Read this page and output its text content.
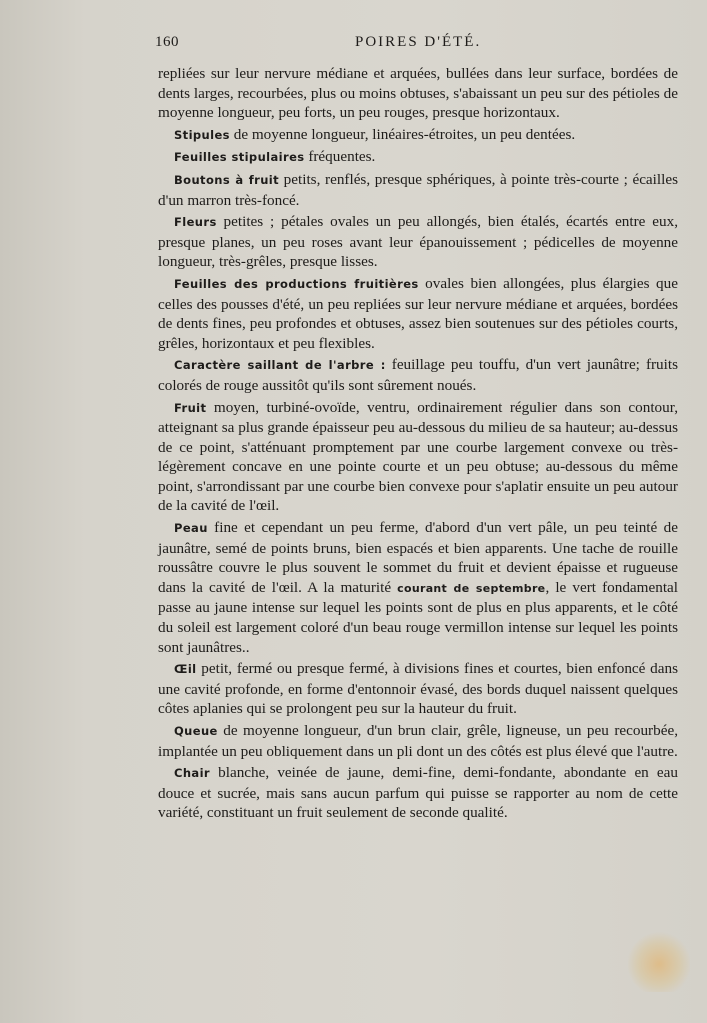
160	POIRES D'ÉTÉ.

repliées sur leur nervure médiane et arquées, bullées dans leur surface, bordées de dents larges, recourbées, plus ou moins obtuses, s'abaissant un peu sur des pétioles de moyenne longueur, peu forts, un peu rouges, presque horizontaux.

Stipules de moyenne longueur, linéaires-étroites, un peu dentées.

Feuilles stipulaires fréquentes.

Boutons à fruit petits, renflés, presque sphériques, à pointe très-courte ; écailles d'un marron très-foncé.

Fleurs petites ; pétales ovales un peu allongés, bien étalés, écartés entre eux, presque planes, un peu roses avant leur épanouissement ; pédicelles de moyenne longueur, très-grêles, presque lisses.

Feuilles des productions fruitières ovales bien allongées, plus élargies que celles des pousses d'été, un peu repliées sur leur nervure médiane et arquées, bordées de dents fines, peu profondes et obtuses, assez bien soutenues sur des pétioles courts, grêles, horizontaux et peu flexibles.

Caractère saillant de l'arbre : feuillage peu touffu, d'un vert jaunâtre; fruits colorés de rouge aussitôt qu'ils sont sûrement noués.

Fruit moyen, turbiné-ovoïde, ventru, ordinairement régulier dans son contour, atteignant sa plus grande épaisseur peu au-dessous du milieu de sa hauteur; au-dessus de ce point, s'atténuant promptement par une courbe largement convexe ou très-légèrement concave en une pointe courte et un peu obtuse; au-dessous du même point, s'arrondissant par une courbe bien convexe pour s'aplatir ensuite un peu autour de la cavité de l'œil.

Peau fine et cependant un peu ferme, d'abord d'un vert pâle, un peu teinté de jaunâtre, semé de points bruns, bien espacés et bien apparents. Une tache de rouille roussâtre couvre le plus souvent le sommet du fruit et devient épaisse et rugueuse dans la cavité de l'œil. A la maturité courant de septembre, le vert fondamental passe au jaune intense sur lequel les points sont de plus en plus apparents, et le côté du soleil est largement coloré d'un beau rouge vermillon intense sur lequel les points sont jaunâtres..

Œil petit, fermé ou presque fermé, à divisions fines et courtes, bien enfoncé dans une cavité profonde, en forme d'entonnoir évasé, des bords duquel naissent quelques côtes aplanies qui se prolongent peu sur la hauteur du fruit.

Queue de moyenne longueur, d'un brun clair, grêle, ligneuse, un peu recourbée, implantée un peu obliquement dans un pli dont un des côtés est plus élevé que l'autre.

Chair blanche, veinée de jaune, demi-fine, demi-fondante, abondante en eau douce et sucrée, mais sans aucun parfum qui puisse se rapporter au nom de cette variété, constituant un fruit seulement de seconde qualité.
